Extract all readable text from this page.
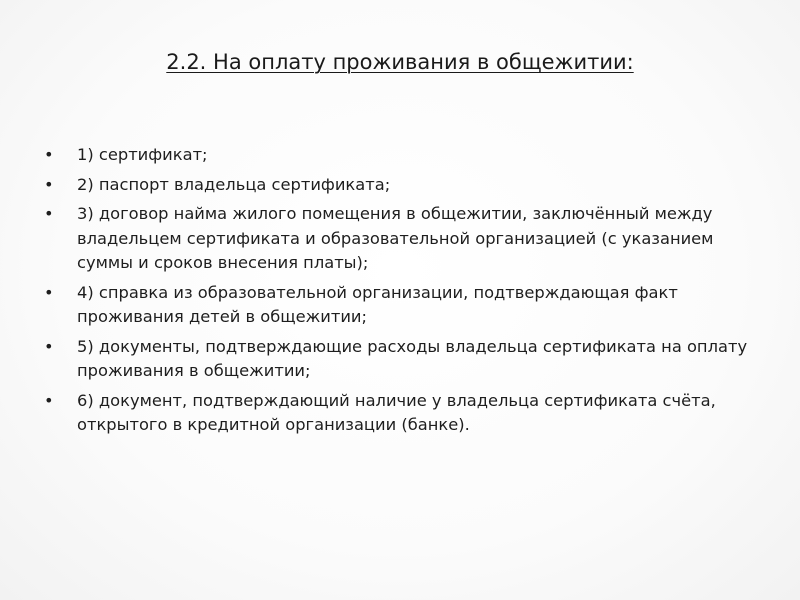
2.2. На оплату проживания в общежитии:
•	1) сертификат;
•	2) паспорт владельца сертификата;
•	3) договор найма жилого помещения в общежитии, заключённый между владельцем сертификата и образовательной организацией (с указанием суммы и сроков внесения платы);
•	4) справка из образовательной организации, подтверждающая факт проживания детей в общежитии;
•	5) документы, подтверждающие расходы владельца сертификата на оплату проживания в общежитии;
•	6) документ, подтверждающий наличие у владельца сертификата счёта, открытого в кредитной организации (банке).
